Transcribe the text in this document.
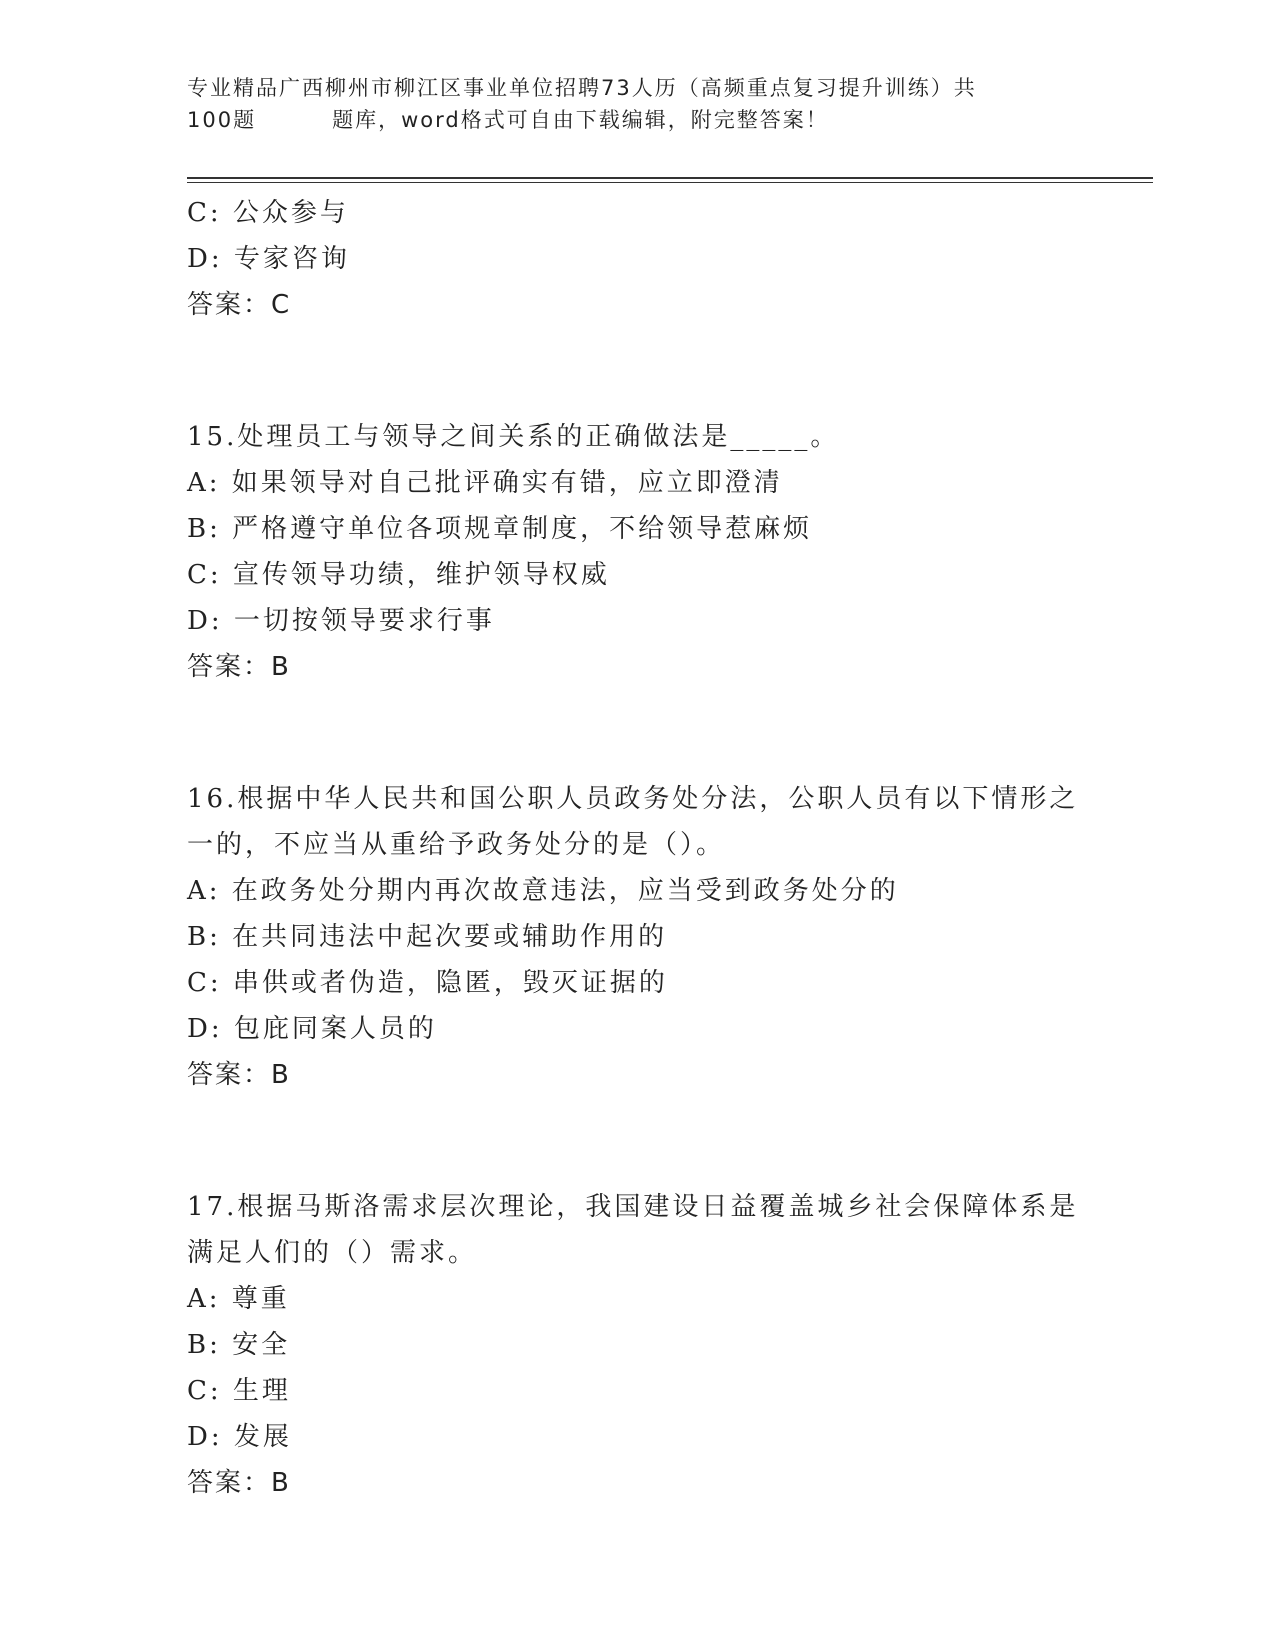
专业精品广西柳州市柳江区事业单位招聘73人历（高频重点复习提升训练）共
100题	题库，word格式可自由下载编辑，附完整答案！
C: 公众参与
D: 专家咨询
答案：C
15.处理员工与领导之间关系的正确做法是_____。
A: 如果领导对自己批评确实有错，应立即澄清
B: 严格遵守单位各项规章制度，不给领导惹麻烦
C: 宣传领导功绩，维护领导权威
D: 一切按领导要求行事
答案：B
16.根据中华人民共和国公职人员政务处分法，公职人员有以下情形之
一的，不应当从重给予政务处分的是（）。
A: 在政务处分期内再次故意违法，应当受到政务处分的
B: 在共同违法中起次要或辅助作用的
C: 串供或者伪造，隐匿，毁灭证据的
D: 包庇同案人员的
答案：B
17.根据马斯洛需求层次理论，我国建设日益覆盖城乡社会保障体系是
满足人们的（）需求。
A: 尊重
B: 安全
C: 生理
D: 发展
答案：B
